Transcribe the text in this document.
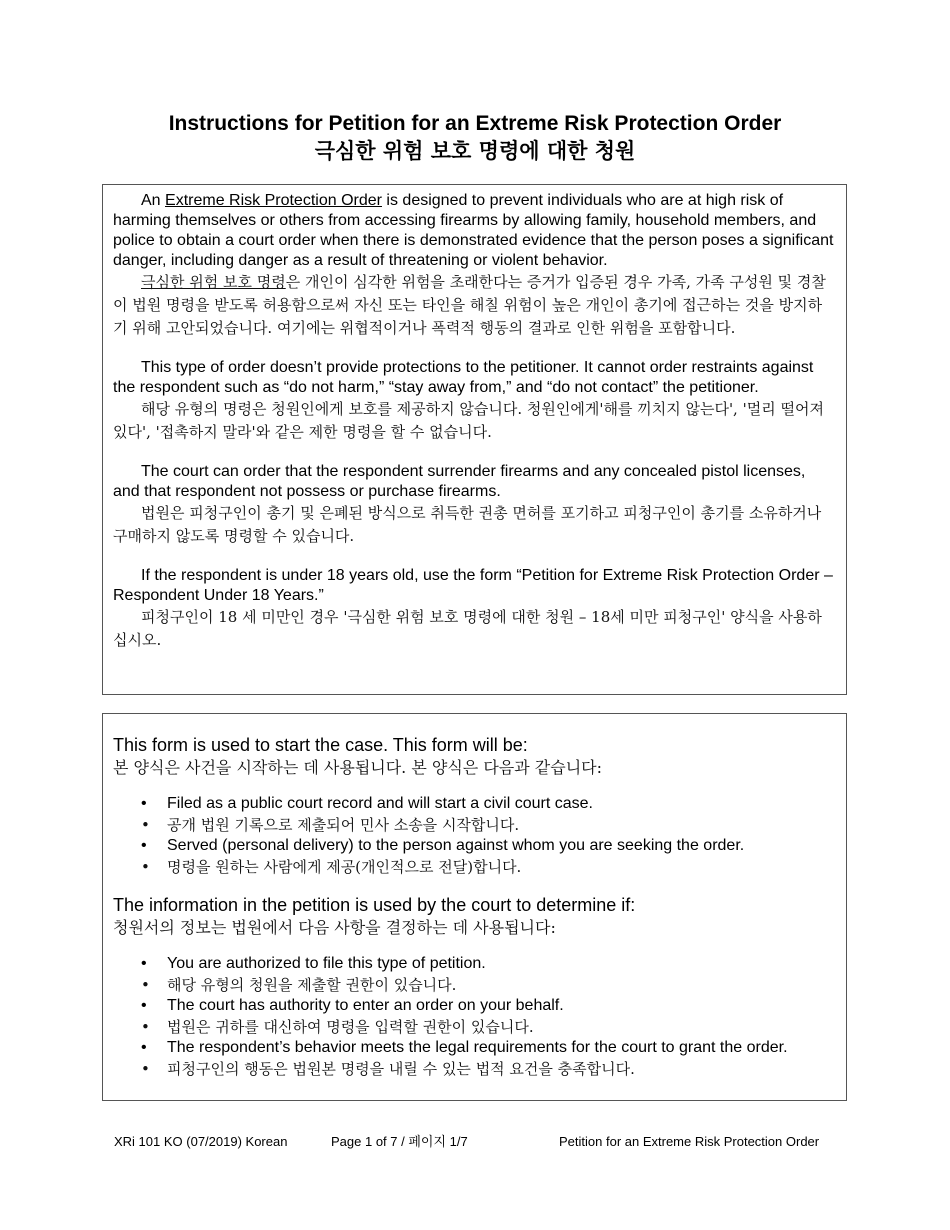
Instructions for Petition for an Extreme Risk Protection Order
극심한 위험 보호 명령에 대한 청원

An Extreme Risk Protection Order is designed to prevent individuals who are at high risk of harming themselves or others from accessing firearms by allowing family, household members, and police to obtain a court order when there is demonstrated evidence that the person poses a significant danger, including danger as a result of threatening or violent behavior.

극심한 위험 보호 명령은 개인이 심각한 위험을 초래한다는 증거가 입증된 경우 가족, 가족 구성원 및 경찰이 법원 명령을 받도록 허용함으로써 자신 또는 타인을 해칠 위험이 높은 개인이 총기에 접근하는 것을 방지하기 위해 고안되었습니다. 여기에는 위협적이거나 폭력적 행동의 결과로 인한 위험을 포함합니다.

This type of order doesn’t provide protections to the petitioner. It cannot order restraints against the respondent such as “do not harm,” “stay away from,” and “do not contact” the petitioner.

해당 유형의 명령은 청원인에게 보호를 제공하지 않습니다. 청원인에게'해를 끼치지 않는다', '멀리 떨어져 있다', '접촉하지 말라'와 같은 제한 명령을 할 수 없습니다.

The court can order that the respondent surrender firearms and any concealed pistol licenses, and that respondent not possess or purchase firearms.

법원은 피청구인이 총기 및 은폐된 방식으로 취득한 권총 면허를 포기하고 피청구인이 총기를 소유하거나 구매하지 않도록 명령할 수 있습니다.

If the respondent is under 18 years old, use the form “Petition for Extreme Risk Protection Order – Respondent Under 18 Years.”

피청구인이 18 세 미만인 경우 '극심한 위험 보호 명령에 대한 청원 – 18세 미만 피청구인' 양식을 사용하십시오.

This form is used to start the case. This form will be:

본 양식은 사건을 시작하는 데 사용됩니다. 본 양식은 다음과 같습니다:

• Filed as a public court record and will start a civil court case.
• 공개 법원 기록으로 제출되어 민사 소송을 시작합니다.
• Served (personal delivery) to the person against whom you are seeking the order.
• 명령을 원하는 사람에게 제공(개인적으로 전달)합니다.

The information in the petition is used by the court to determine if:

청원서의 정보는 법원에서 다음 사항을 결정하는 데 사용됩니다:

• You are authorized to file this type of petition.
• 해당 유형의 청원을 제출할 권한이 있습니다.
• The court has authority to enter an order on your behalf.
• 법원은 귀하를 대신하여 명령을 입력할 권한이 있습니다.
• The respondent’s behavior meets the legal requirements for the court to grant the order.
• 피청구인의 행동은 법원본 명령을 내릴 수 있는 법적 요건을 충족합니다.
XRi 101 KO (07/2019) Korean	Page 1 of 7 / 페이지 1/7	Petition for an Extreme Risk Protection Order
